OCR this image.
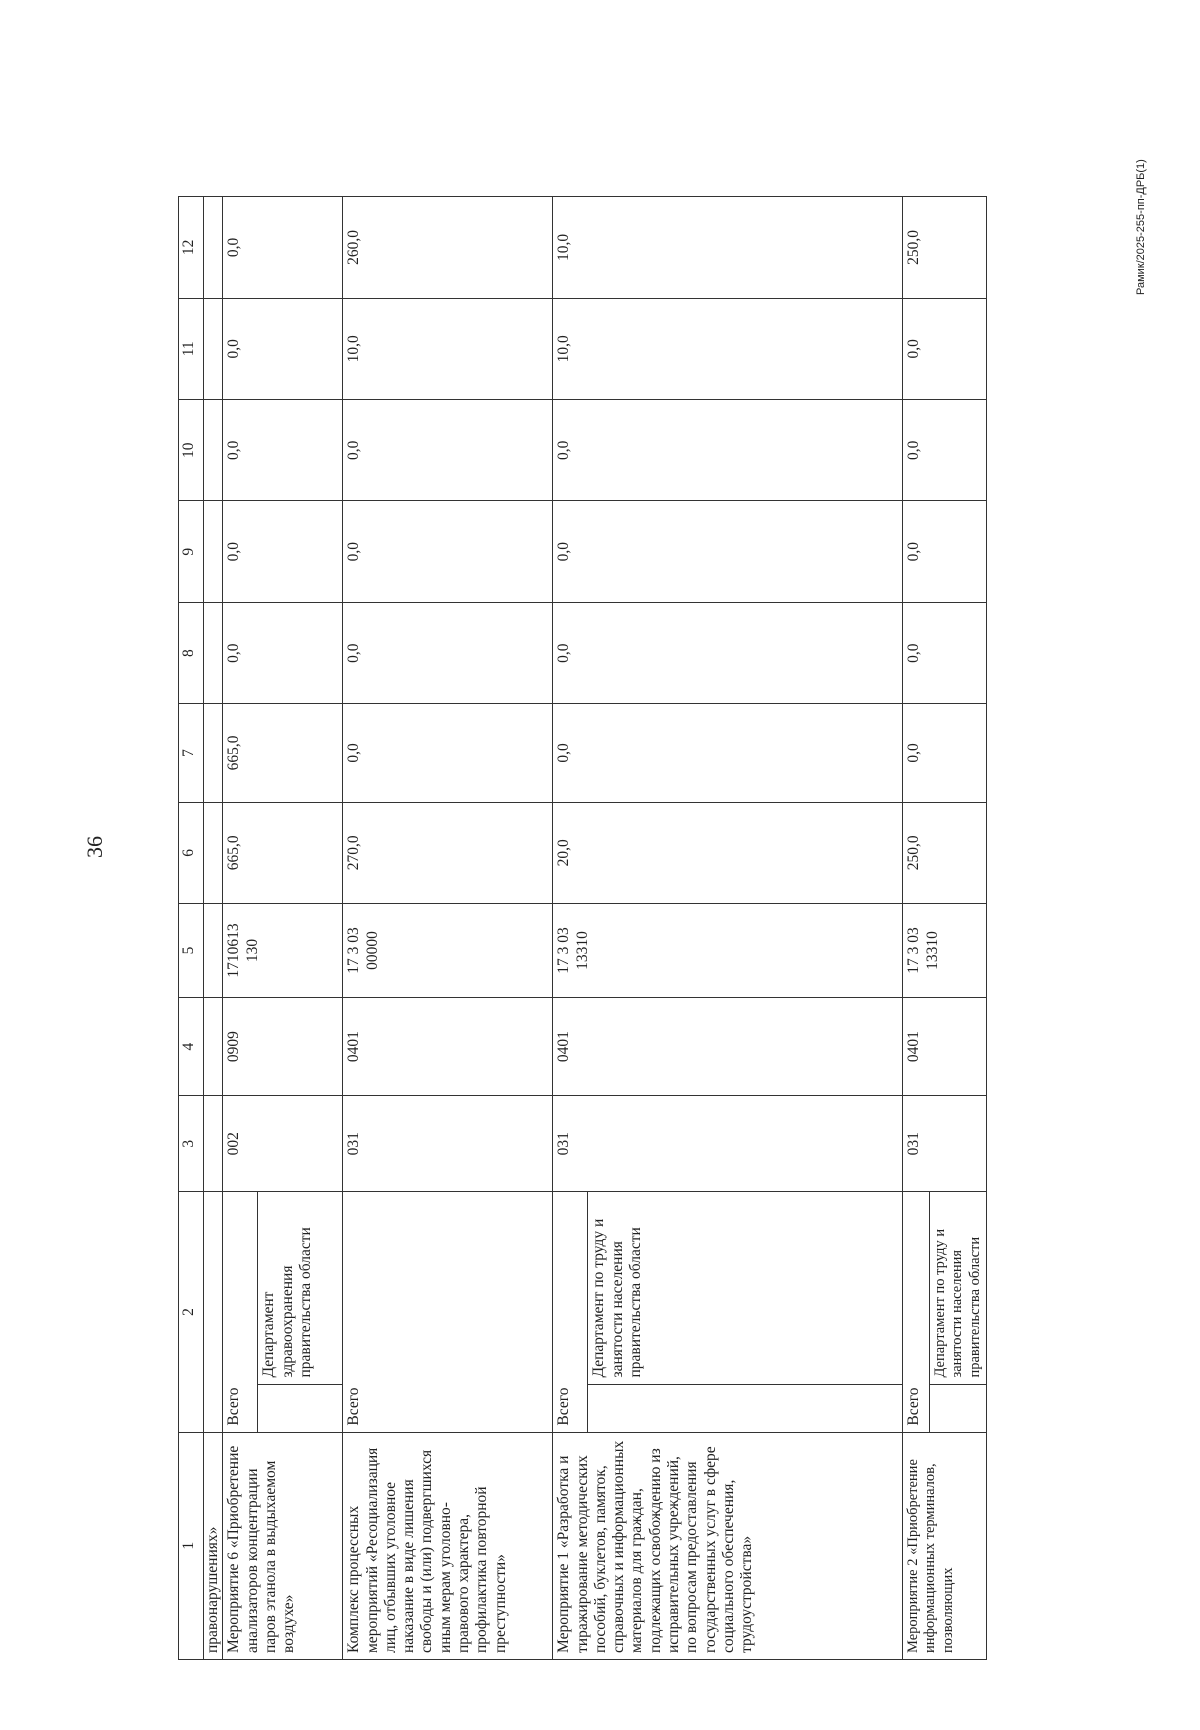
36
Рамик/2025-255-пп-ДРБ(1)
1	2		3	4	5	6	7	8	9	10	11	12
правонарушениях»												
Мероприятие 6 «Приобретение анализаторов концентрации паров этанола в выдыхаемом воздухе»	Всего		002	0909	1710613 130	665,0	665,0	0,0	0,0	0,0	0,0	0,0
		Департамент здравоохранения правительства области										
Комплекс процессных мероприятий «Ресоциализация лиц, отбывших уголовное наказание в виде лишения свободы и (или) подвергшихся иным мерам уголовно-правового характера, профилактика повторной преступности»	Всего		031	0401	17 3 03 00000	270,0	0,0	0,0	0,0	0,0	10,0	260,0
Мероприятие 1 «Разработка и тиражирование методических пособий, буклетов, памяток, справочных и информационных материалов для граждан, подлежащих освобождению из исправительных учреждений, по вопросам предоставления государственных услуг в сфере социального обеспечения, трудоустройства»	Всего		031	0401	17 3 03 13310	20,0	0,0	0,0	0,0	0,0	10,0	10,0
		Департамент по труду и занятости населения правительства области										
Мероприятие 2 «Приобретение информационных терминалов, позволяющих	Всего		031	0401	17 3 03 13310	250,0	0,0	0,0	0,0	0,0	0,0	250,0
		Департамент по труду и занятости населения правительства области										
